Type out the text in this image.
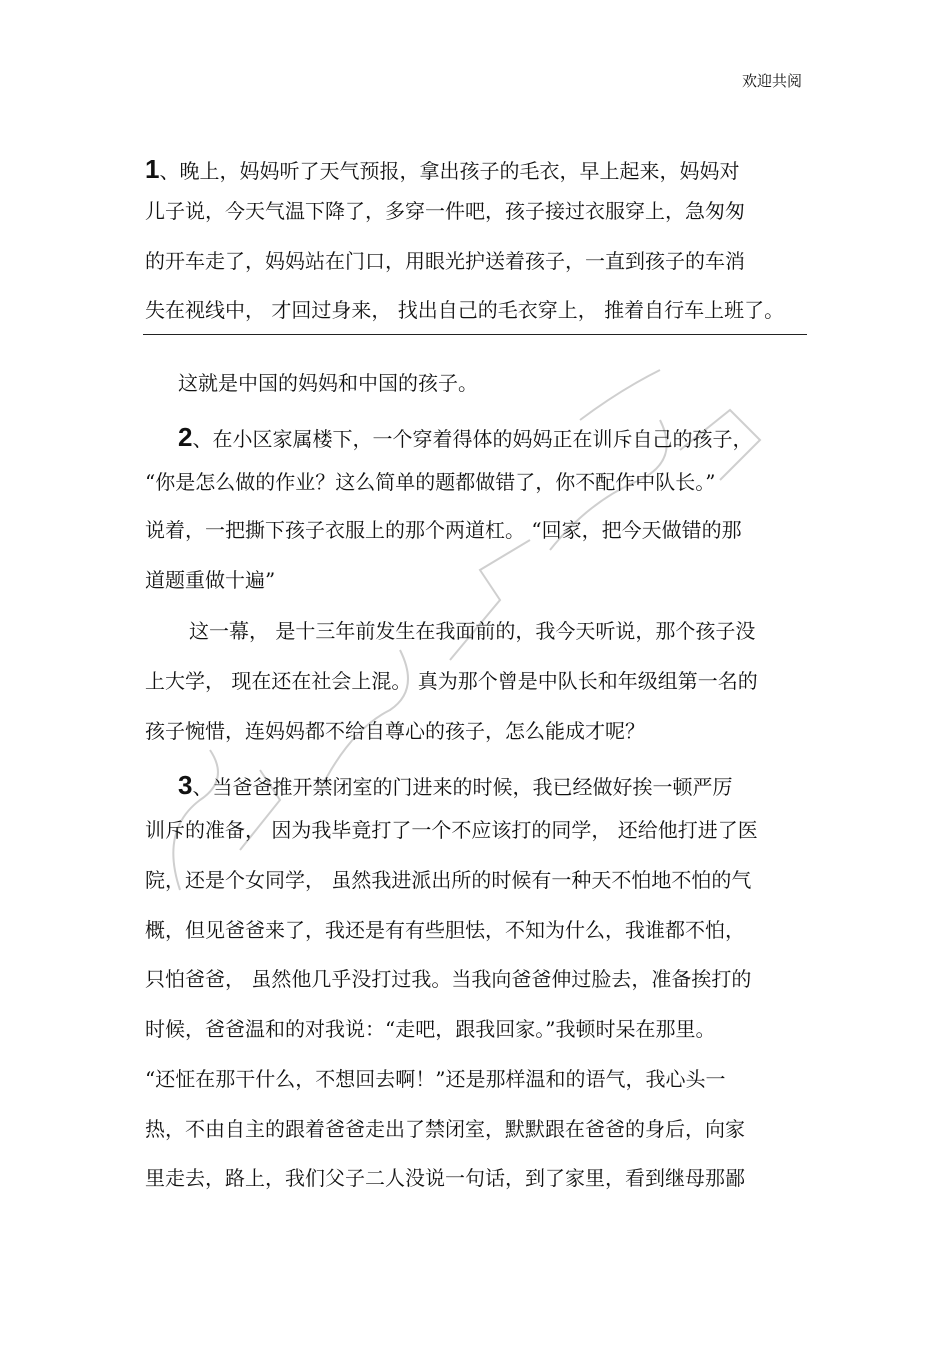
欢迎共阅
1、晚上，妈妈听了天气预报，拿出孩子的毛衣，早上起来，妈妈对
儿子说，今天气温下降了，多穿一件吧，孩子接过衣服穿上，急匆匆
的开车走了，妈妈站在门口，用眼光护送着孩子，一直到孩子的车消
失在视线中， 才回过身来， 找出自己的毛衣穿上， 推着自行车上班了。
这就是中国的妈妈和中国的孩子。
2、在小区家属楼下，一个穿着得体的妈妈正在训斥自己的孩子，
“你是怎么做的作业？这么简单的题都做错了，你不配作中队长。”
说着，一把撕下孩子衣服上的那个两道杠。 “回家，把今天做错的那
道题重做十遍”
这一幕， 是十三年前发生在我面前的，我今天听说，那个孩子没
上大学， 现在还在社会上混。 真为那个曾是中队长和年级组第一名的
孩子惋惜，连妈妈都不给自尊心的孩子，怎么能成才呢？
3、当爸爸推开禁闭室的门进来的时候，我已经做好挨一顿严厉
训斥的准备， 因为我毕竟打了一个不应该打的同学， 还给他打进了医
院，还是个女同学， 虽然我进派出所的时候有一种天不怕地不怕的气
概，但见爸爸来了，我还是有有些胆怯，不知为什么，我谁都不怕，
只怕爸爸， 虽然他几乎没打过我。当我向爸爸伸过脸去，准备挨打的
时候，爸爸温和的对我说：“走吧，跟我回家。”我顿时呆在那里。
“还怔在那干什么，不想回去啊！”还是那样温和的语气，我心头一
热，不由自主的跟着爸爸走出了禁闭室，默默跟在爸爸的身后，向家
里走去，路上，我们父子二人没说一句话，到了家里，看到继母那鄙
